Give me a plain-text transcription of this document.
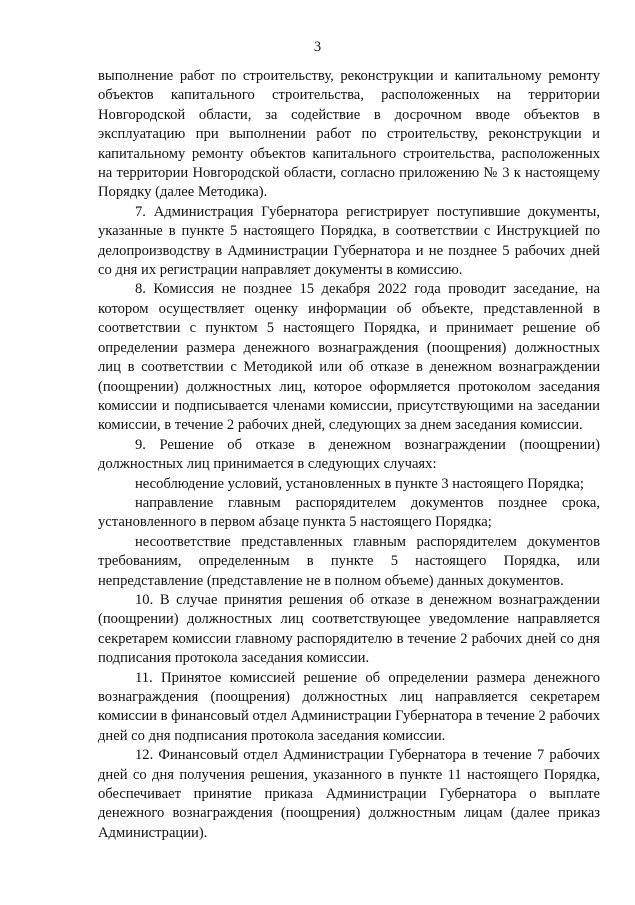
3

выполнение работ по строительству, реконструкции и капитальному ремонту объектов капитального строительства, расположенных на территории Новгородской области, за содействие в досрочном вводе объектов в эксплуатацию при выполнении работ по строительству, реконструкции и капитальному ремонту объектов капитального строительства, расположенных на территории Новгородской области, согласно приложению № 3 к настоящему Порядку (далее Методика).

7. Администрация Губернатора регистрирует поступившие документы, указанные в пункте 5 настоящего Порядка, в соответствии с Инструкцией по делопроизводству в Администрации Губернатора и не позднее 5 рабочих дней со дня их регистрации направляет документы в комиссию.

8. Комиссия не позднее 15 декабря 2022 года проводит заседание, на котором осуществляет оценку информации об объекте, представленной в соответствии с пунктом 5 настоящего Порядка, и принимает решение об определении размера денежного вознаграждения (поощрения) должностных лиц в соответствии с Методикой или об отказе в денежном вознаграждении (поощрении) должностных лиц, которое оформляется протоколом заседания комиссии и подписывается членами комиссии, присутствующими на заседании комиссии, в течение 2 рабочих дней, следующих за днем заседания комиссии.

9. Решение об отказе в денежном вознаграждении (поощрении) должностных лиц принимается в следующих случаях:

несоблюдение условий, установленных в пункте 3 настоящего Порядка;

направление главным распорядителем документов позднее срока, установленного в первом абзаце пункта 5 настоящего Порядка;

несоответствие представленных главным распорядителем документов требованиям, определенным в пункте 5 настоящего Порядка, или непредставление (представление не в полном объеме) данных документов.

10. В случае принятия решения об отказе в денежном вознаграждении (поощрении) должностных лиц соответствующее уведомление направляется секретарем комиссии главному распорядителю в течение 2 рабочих дней со дня подписания протокола заседания комиссии.

11. Принятое комиссией решение об определении размера денежного вознаграждения (поощрения) должностных лиц направляется секретарем комиссии в финансовый отдел Администрации Губернатора в течение 2 рабочих дней со дня подписания протокола заседания комиссии.

12. Финансовый отдел Администрации Губернатора в течение 7 рабочих дней со дня получения решения, указанного в пункте 11 настоящего Порядка, обеспечивает принятие приказа Администрации Губернатора о выплате денежного вознаграждения (поощрения) должностным лицам (далее приказ Администрации).
